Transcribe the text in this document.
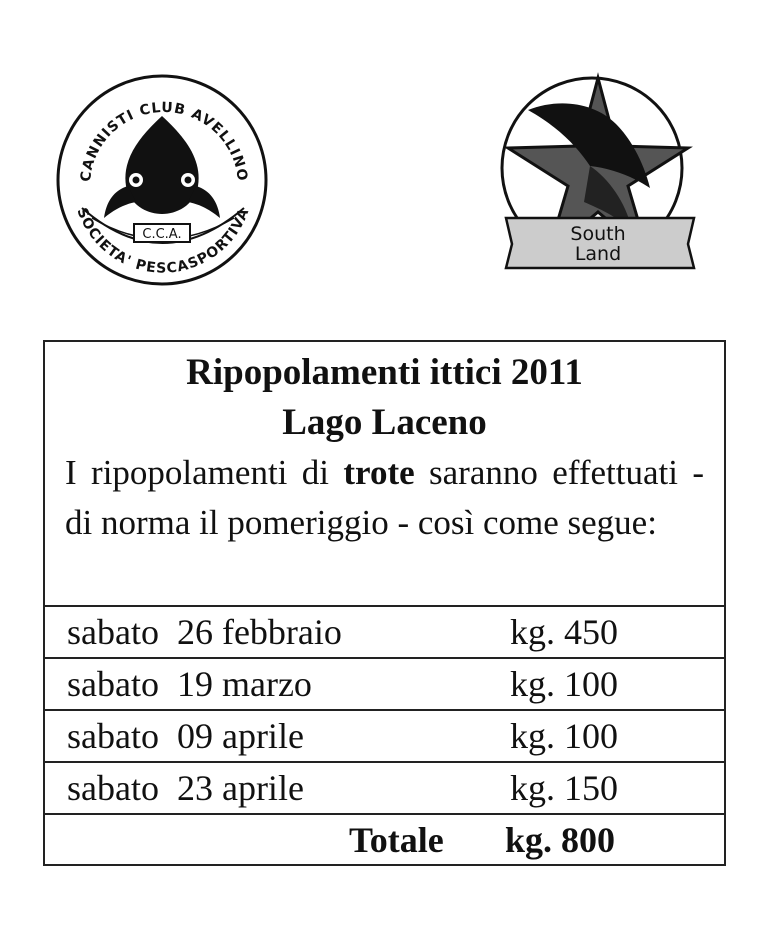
CANNISTI CLUB AVELLINO
SOCIETA' PESCASPORTIVA
C.C.A.	South
Land
Ripopolamenti ittici 2011
Lago Laceno
I ripopolamenti di trote saranno effettuati - di norma il pomeriggio - così come segue:
sabato  26 febbraio	kg. 450
sabato  19 marzo	kg. 100
sabato  09 aprile	kg. 100
sabato  23 aprile	kg. 150
Totale kg. 800
